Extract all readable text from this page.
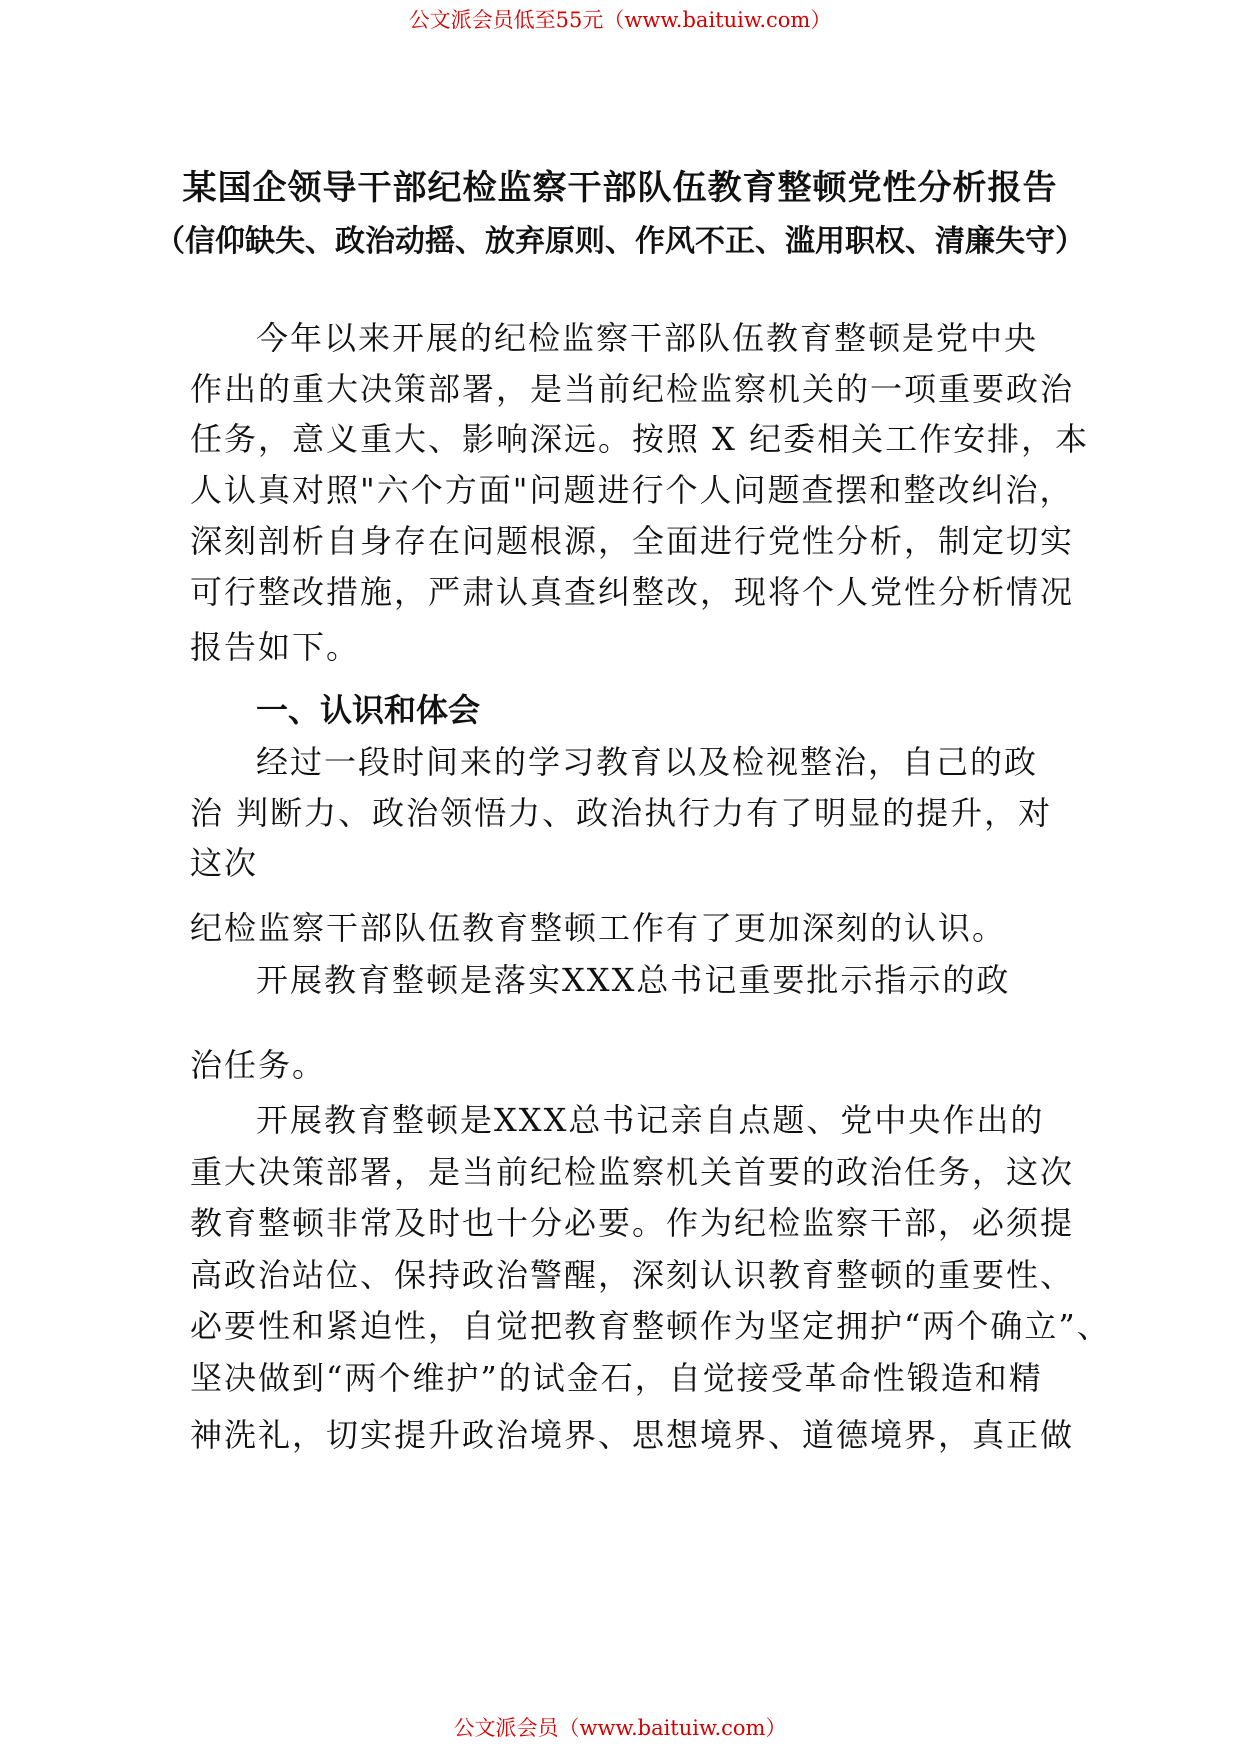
公文派会员低至55元（www.baituiw.com）
某国企领导干部纪检监察干部队伍教育整顿党性分析报告
（信仰缺失、政治动摇、放弃原则、作风不正、滥用职权、清廉失守）
今年以来开展的纪检监察干部队伍教育整顿是党中央
作出的重大决策部署，是当前纪检监察机关的一项重要政治
任务，意义重大、影响深远。按照 X 纪委相关工作安排，本
人认真对照"六个方面"问题进行个人问题查摆和整改纠治，
深刻剖析自身存在问题根源，全面进行党性分析，制定切实
可行整改措施，严肃认真查纠整改，现将个人党性分析情况
报告如下。
一、认识和体会
经过一段时间来的学习教育以及检视整治，自己的政
治 判断力、政治领悟力、政治执行力有了明显的提升，对
这次
纪检监察干部队伍教育整顿工作有了更加深刻的认识。
开展教育整顿是落实XXX总书记重要批示指示的政
治任务。
开展教育整顿是XXX总书记亲自点题、党中央作出的
重大决策部署，是当前纪检监察机关首要的政治任务，这次
教育整顿非常及时也十分必要。作为纪检监察干部，必须提
高政治站位、保持政治警醒，深刻认识教育整顿的重要性、
必要性和紧迫性，自觉把教育整顿作为坚定拥护“两个确立”、
坚决做到“两个维护”的试金石，自觉接受革命性锻造和精
神洗礼，切实提升政治境界、思想境界、道德境界，真正做
公文派会员（www.baituiw.com）
